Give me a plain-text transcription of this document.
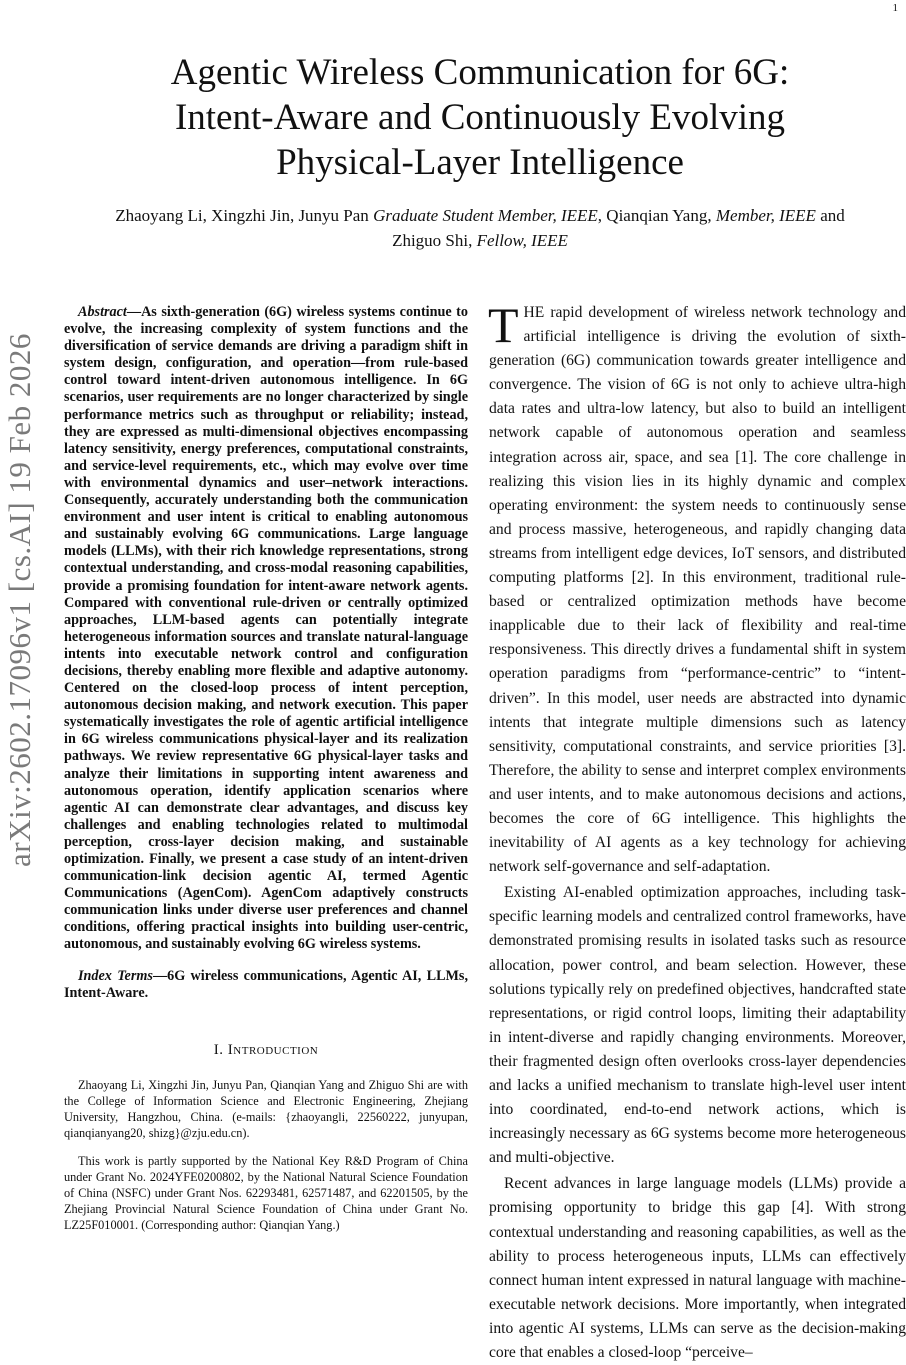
1
arXiv:2602.17096v1 [cs.AI] 19 Feb 2026
Agentic Wireless Communication for 6G:
Intent-Aware and Continuously Evolving
Physical-Layer Intelligence
Zhaoyang Li, Xingzhi Jin, Junyu Pan Graduate Student Member, IEEE, Qianqian Yang, Member, IEEE and
Zhiguo Shi, Fellow, IEEE

Abstract—As sixth-generation (6G) wireless systems continue to evolve, the increasing complexity of system functions and the diversification of service demands are driving a paradigm shift in system design, configuration, and operation—from rule-based control toward intent-driven autonomous intelligence. In 6G scenarios, user requirements are no longer characterized by single performance metrics such as throughput or reliability; instead, they are expressed as multi-dimensional objectives encompassing latency sensitivity, energy preferences, computational constraints, and service-level requirements, etc., which may evolve over time with environmental dynamics and user–network interactions. Consequently, accurately understanding both the communication environment and user intent is critical to enabling autonomous and sustainably evolving 6G communications. Large language models (LLMs), with their rich knowledge representations, strong contextual understanding, and cross-modal reasoning capabilities, provide a promising foundation for intent-aware network agents. Compared with conventional rule-driven or centrally optimized approaches, LLM-based agents can potentially integrate heterogeneous information sources and translate natural-language intents into executable network control and configuration decisions, thereby enabling more flexible and adaptive autonomy. Centered on the closed-loop process of intent perception, autonomous decision making, and network execution. This paper systematically investigates the role of agentic artificial intelligence in 6G wireless communications physical-layer and its realization pathways. We review representative 6G physical-layer tasks and analyze their limitations in supporting intent awareness and autonomous operation, identify application scenarios where agentic AI can demonstrate clear advantages, and discuss key challenges and enabling technologies related to multimodal perception, cross-layer decision making, and sustainable optimization. Finally, we present a case study of an intent-driven communication-link decision agentic AI, termed Agentic Communications (AgenCom). AgenCom adaptively constructs communication links under diverse user preferences and channel conditions, offering practical insights into building user-centric, autonomous, and sustainably evolving 6G wireless systems.

Index Terms—6G wireless communications, Agentic AI, LLMs, Intent-Aware.

I. Introduction

Zhaoyang Li, Xingzhi Jin, Junyu Pan, Qianqian Yang and Zhiguo Shi are with the College of Information Science and Electronic Engineering, Zhejiang University, Hangzhou, China. (e-mails: {zhaoyangli, 22560222, junyupan, qianqianyang20, shizg}@zju.edu.cn).

This work is partly supported by the National Key R&D Program of China under Grant No. 2024YFE0200802, by the National Natural Science Foundation of China (NSFC) under Grant Nos. 62293481, 62571487, and 62201505, by the Zhejiang Provincial Natural Science Foundation of China under Grant No. LZ25F010001. (Corresponding author: Qianqian Yang.)

THE rapid development of wireless network technology and artificial intelligence is driving the evolution of sixth-generation (6G) communication towards greater intelligence and convergence. The vision of 6G is not only to achieve ultra-high data rates and ultra-low latency, but also to build an intelligent network capable of autonomous operation and seamless integration across air, space, and sea [1]. The core challenge in realizing this vision lies in its highly dynamic and complex operating environment: the system needs to continuously sense and process massive, heterogeneous, and rapidly changing data streams from intelligent edge devices, IoT sensors, and distributed computing platforms [2]. In this environment, traditional rule-based or centralized optimization methods have become inapplicable due to their lack of flexibility and real-time responsiveness. This directly drives a fundamental shift in system operation paradigms from “performance-centric” to “intent-driven”. In this model, user needs are abstracted into dynamic intents that integrate multiple dimensions such as latency sensitivity, computational constraints, and service priorities [3]. Therefore, the ability to sense and interpret complex environments and user intents, and to make autonomous decisions and actions, becomes the core of 6G intelligence. This highlights the inevitability of AI agents as a key technology for achieving network self-governance and self-adaptation.

Existing AI-enabled optimization approaches, including task-specific learning models and centralized control frameworks, have demonstrated promising results in isolated tasks such as resource allocation, power control, and beam selection. However, these solutions typically rely on predefined objectives, handcrafted state representations, or rigid control loops, limiting their adaptability in intent-diverse and rapidly changing environments. Moreover, their fragmented design often overlooks cross-layer dependencies and lacks a unified mechanism to translate high-level user intent into coordinated, end-to-end network actions, which is increasingly necessary as 6G systems become more heterogeneous and multi-objective.

Recent advances in large language models (LLMs) provide a promising opportunity to bridge this gap [4]. With strong contextual understanding and reasoning capabilities, as well as the ability to process heterogeneous inputs, LLMs can effectively connect human intent expressed in natural language with machine-executable network decisions. More importantly, when integrated into agentic AI systems, LLMs can serve as the decision-making core that enables a closed-loop “perceive–
